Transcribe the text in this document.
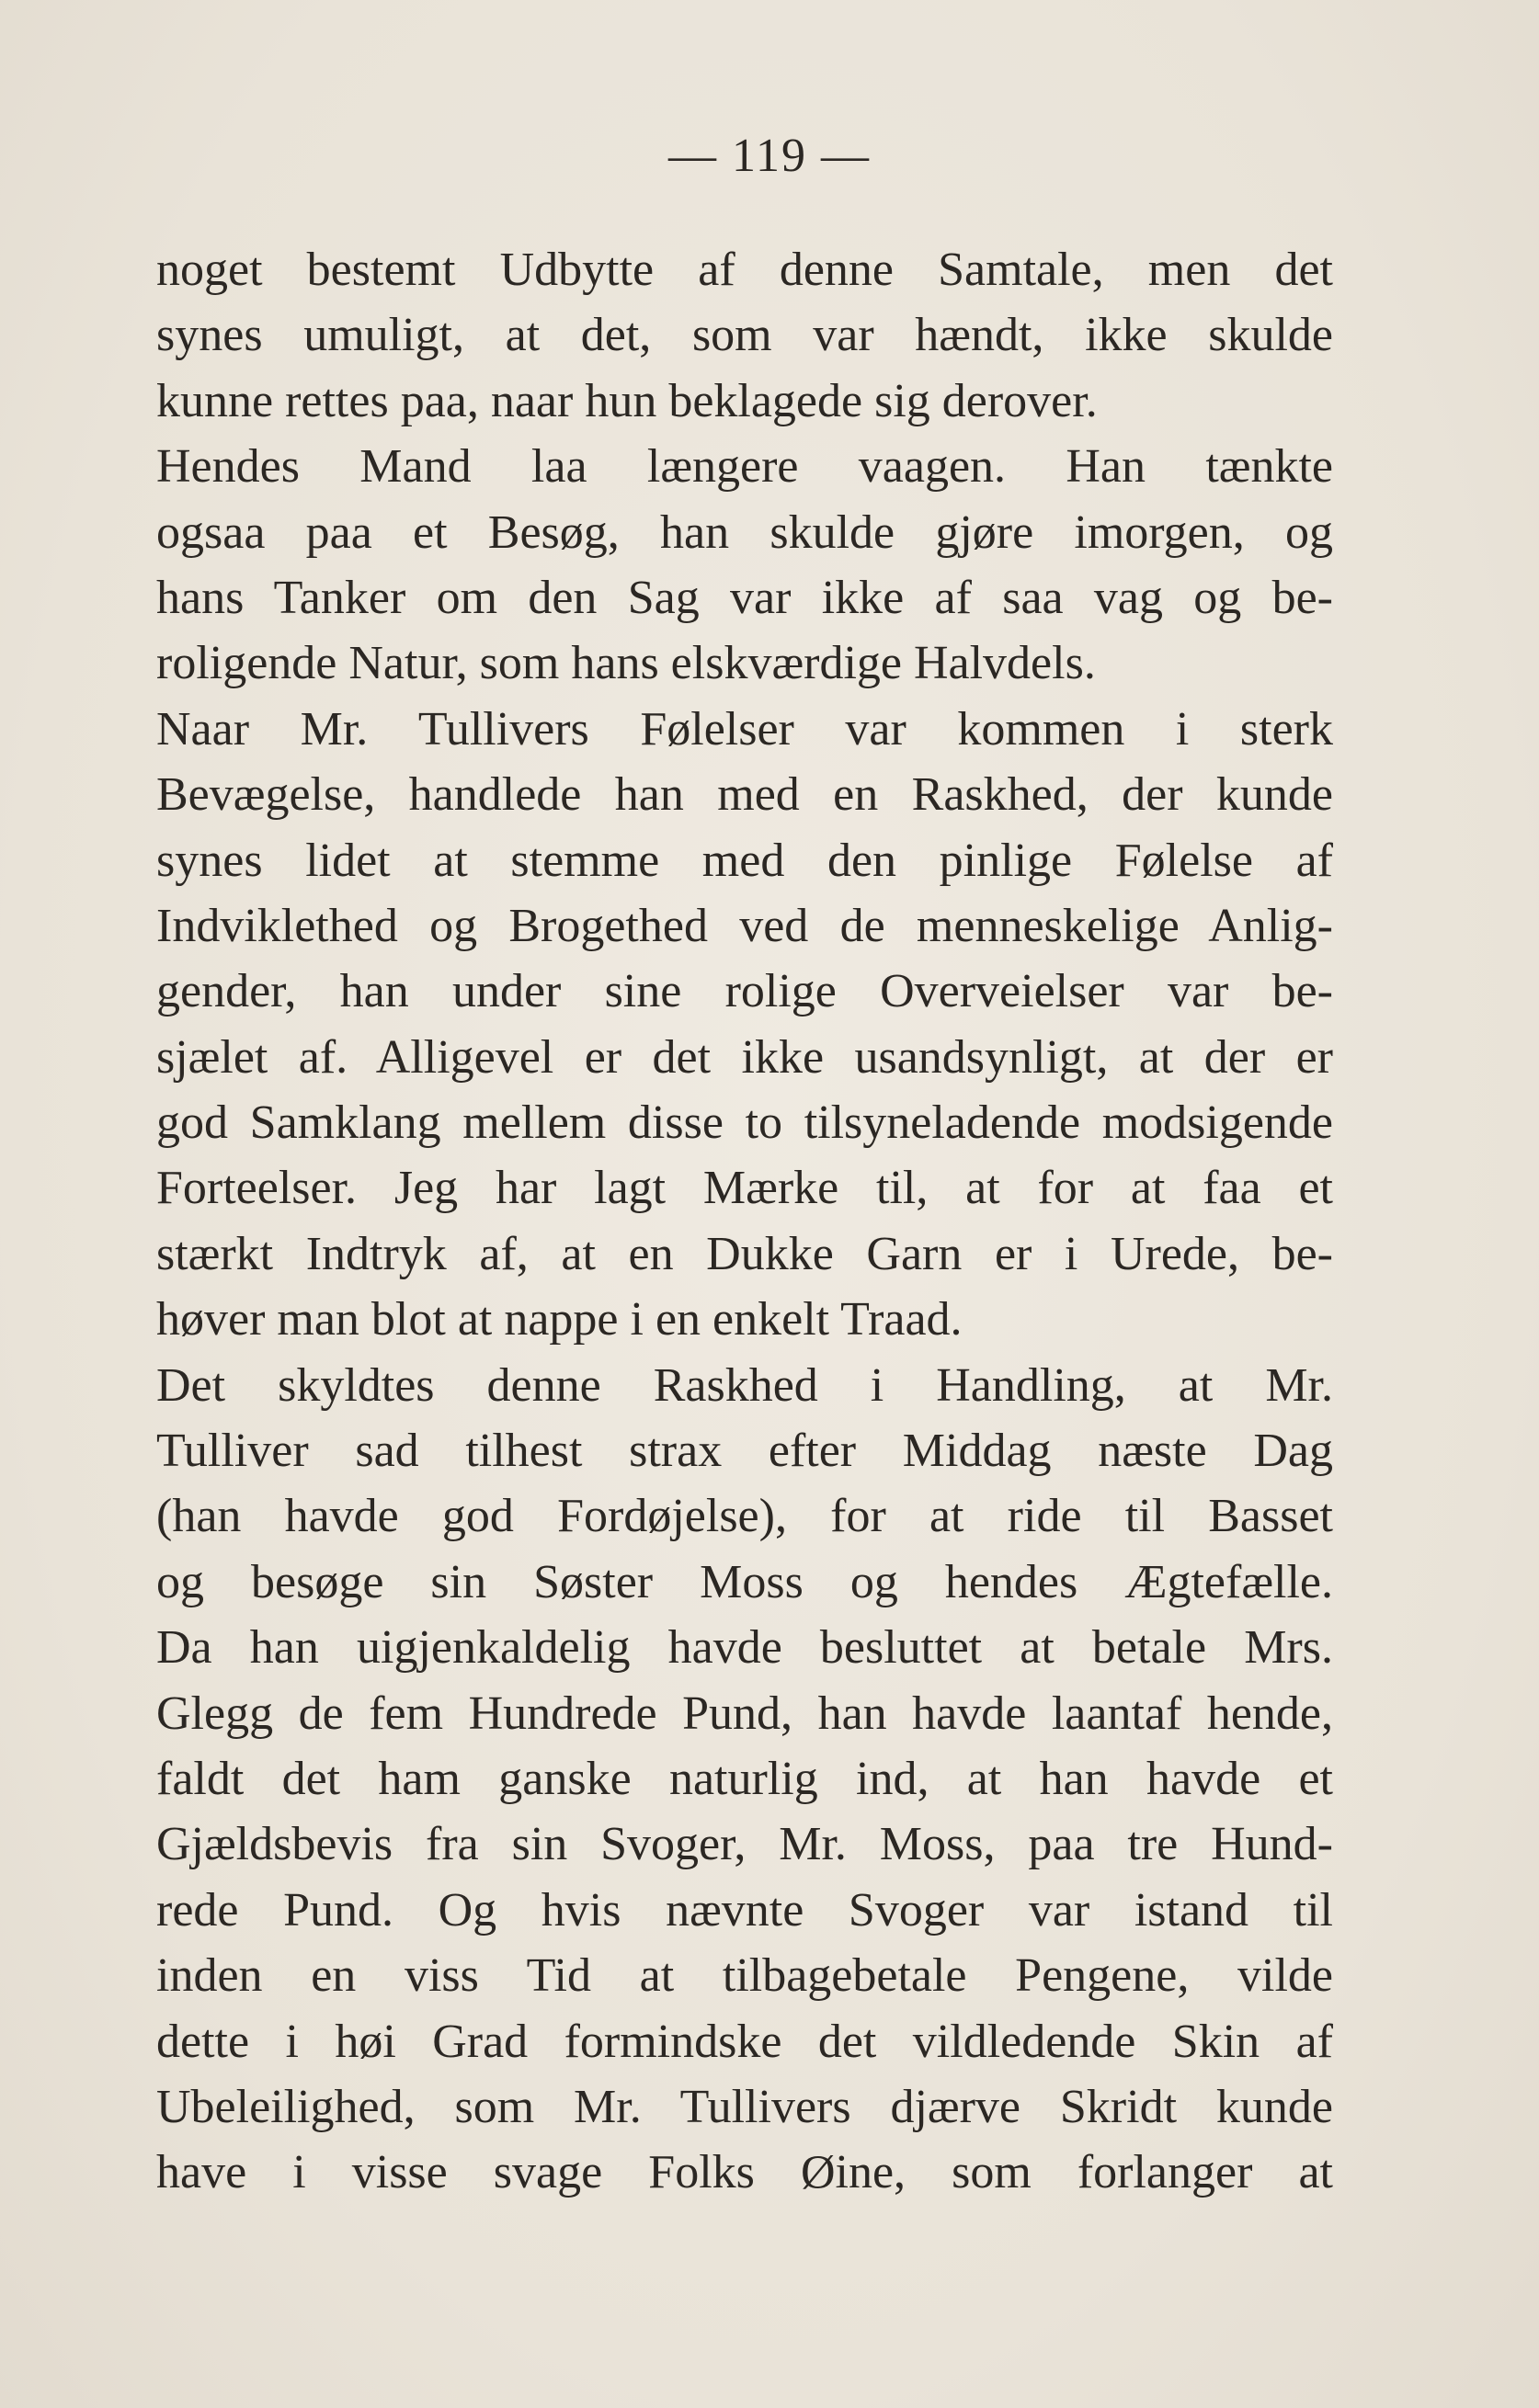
— 119 —
noget bestemt Udbytte af denne Samtale, men det
synes umuligt, at det, som var hændt, ikke skulde
kunne rettes paa, naar hun beklagede sig derover.
Hendes Mand laa længere vaagen. Han tænkte
ogsaa paa et Besøg, han skulde gjøre imorgen, og
hans Tanker om den Sag var ikke af saa vag og be-
roligende Natur, som hans elskværdige Halvdels.
Naar Mr. Tullivers Følelser var kommen i sterk
Bevægelse, handlede han med en Raskhed, der kunde
synes lidet at stemme med den pinlige Følelse af
Indviklethed og Brogethed ved de menneskelige Anlig-
gender, han under sine rolige Overveielser var be-
sjælet af. Alligevel er det ikke usandsynligt, at der er
god Samklang mellem disse to tilsyneladende modsigende
Forteelser. Jeg har lagt Mærke til, at for at faa et
stærkt Indtryk af, at en Dukke Garn er i Urede, be-
høver man blot at nappe i en enkelt Traad.
Det skyldtes denne Raskhed i Handling, at Mr.
Tulliver sad tilhest strax efter Middag næste Dag
(han havde god Fordøjelse), for at ride til Basset
og besøge sin Søster Moss og hendes Ægtefælle.
Da han uigjenkaldelig havde besluttet at betale Mrs.
Glegg de fem Hundrede Pund, han havde laantaf hende,
faldt det ham ganske naturlig ind, at han havde et
Gjældsbevis fra sin Svoger, Mr. Moss, paa tre Hund-
rede Pund. Og hvis nævnte Svoger var istand til
inden en viss Tid at tilbagebetale Pengene, vilde
dette i høi Grad formindske det vildledende Skin af
Ubeleilighed, som Mr. Tullivers djærve Skridt kunde
have i visse svage Folks Øine, som forlanger at
